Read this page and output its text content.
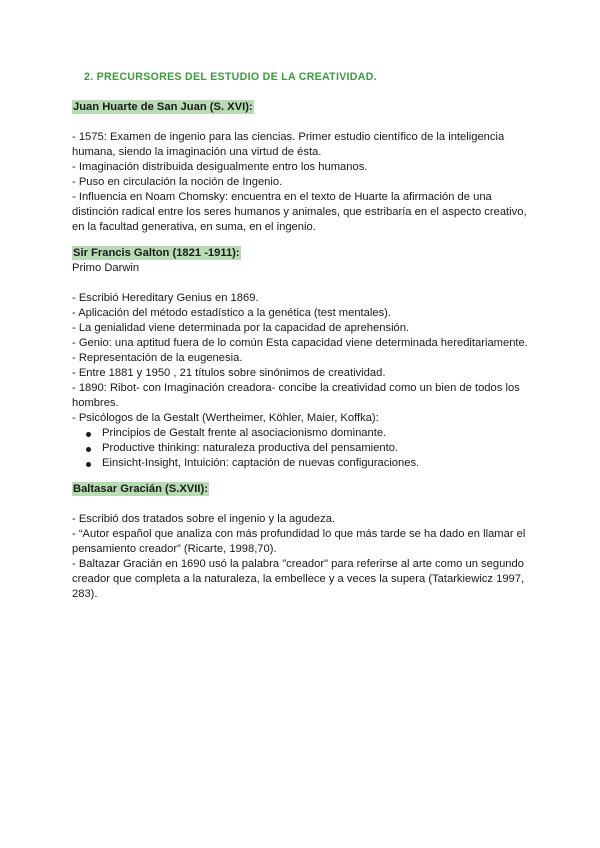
2. PRECURSORES DEL ESTUDIO DE LA CREATIVIDAD.
Juan Huarte de San Juan (S. XVI):
- 1575: Examen de ingenio para las ciencias. Primer estudio científico de la inteligencia
humana, siendo la imaginación una virtud de ésta.
- Imaginación distribuida desigualmente entro los humanos.
- Puso en circulación la noción de Ingenio.
- Influencia en Noam Chomsky: encuentra en el texto de Huarte la afirmación de una
distinción radical entre los seres humanos y animales, que estribaría en el aspecto creativo,
en la facultad generativa, en suma, en el ingenio.
Sir Francis Galton (1821 -1911):
Primo Darwin
- Escribió Hereditary Genius en 1869.
- Aplicación del método estadístico a la genética (test mentales).
- La genialidad viene determinada por la capacidad de aprehensión.
- Genio: una aptitud fuera de lo común Esta capacidad viene determinada hereditariamente.
- Representación de la eugenesia.
- Entre 1881 y 1950 , 21 títulos sobre sinónimos de creatividad.
- 1890: Ribot- con Imaginación creadora- concibe la creatividad como un bien de todos los
hombres.
- Psicólogos de la Gestalt (Wertheimer, Köhler, Maier, Koffka):
Principios de Gestalt frente al asociacionismo dominante.
Productive thinking: naturaleza productiva del pensamiento.
Einsicht-Insight, Intuición: captación de nuevas configuraciones.
Baltasar Gracián (S.XVII):
- Escribió dos tratados sobre el ingenio y la agudeza.
- “Autor español que analiza con más profundidad lo que más tarde se ha dado en llamar el
pensamiento creador” (Ricarte, 1998,70).
- Baltazar Gracián en 1690 usó la palabra "creador" para referirse al arte como un segundo
creador que completa a la naturaleza, la embellece y a veces la supera (Tatarkiewicz 1997,
283).
